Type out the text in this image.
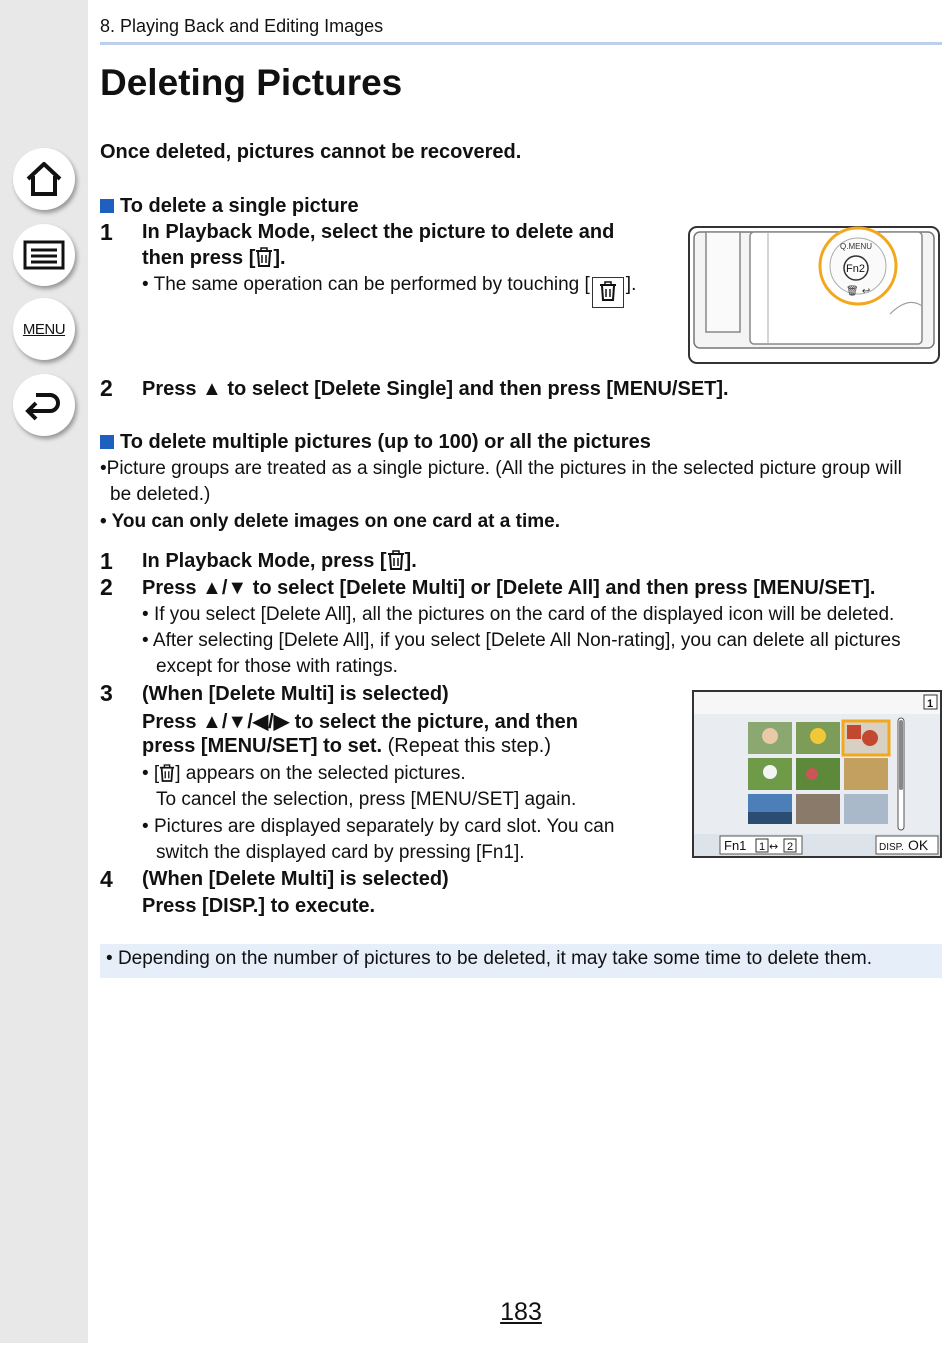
MENU
8. Playing Back and Editing Images
Deleting Pictures
Once deleted, pictures cannot be recovered.
To delete a single picture
1 In Playback Mode, select the picture to delete and
then press [ ].
• The same operation can be performed by touching [ ].
Q.MENU
Fn2
🗑 ↩
2 Press ▲ to select [Delete Single] and then press [MENU/SET].
To delete multiple pictures (up to 100) or all the pictures
•Picture groups are treated as a single picture. (All the pictures in the selected picture group will
be deleted.)
• You can only delete images on one card at a time.
1 In Playback Mode, press [ ].
2 Press ▲/▼ to select [Delete Multi] or [Delete All] and then press [MENU/SET].
• If you select [Delete All], all the pictures on the card of the displayed icon will be deleted.
• After selecting [Delete All], if you select [Delete All Non-rating], you can delete all pictures
except for those with ratings.
3 (When [Delete Multi] is selected)
Press ▲/▼/◀/▶ to select the picture, and then
press [MENU/SET] to set. (Repeat this step.)
• [ ] appears on the selected pictures.
To cancel the selection, press [MENU/SET] again.
• Pictures are displayed separately by card slot. You can
switch the displayed card by pressing [Fn1].
1
Fn1 1 ↔ 2	DISP. OK
4 (When [Delete Multi] is selected)
Press [DISP.] to execute.
• Depending on the number of pictures to be deleted, it may take some time to delete them.
183
